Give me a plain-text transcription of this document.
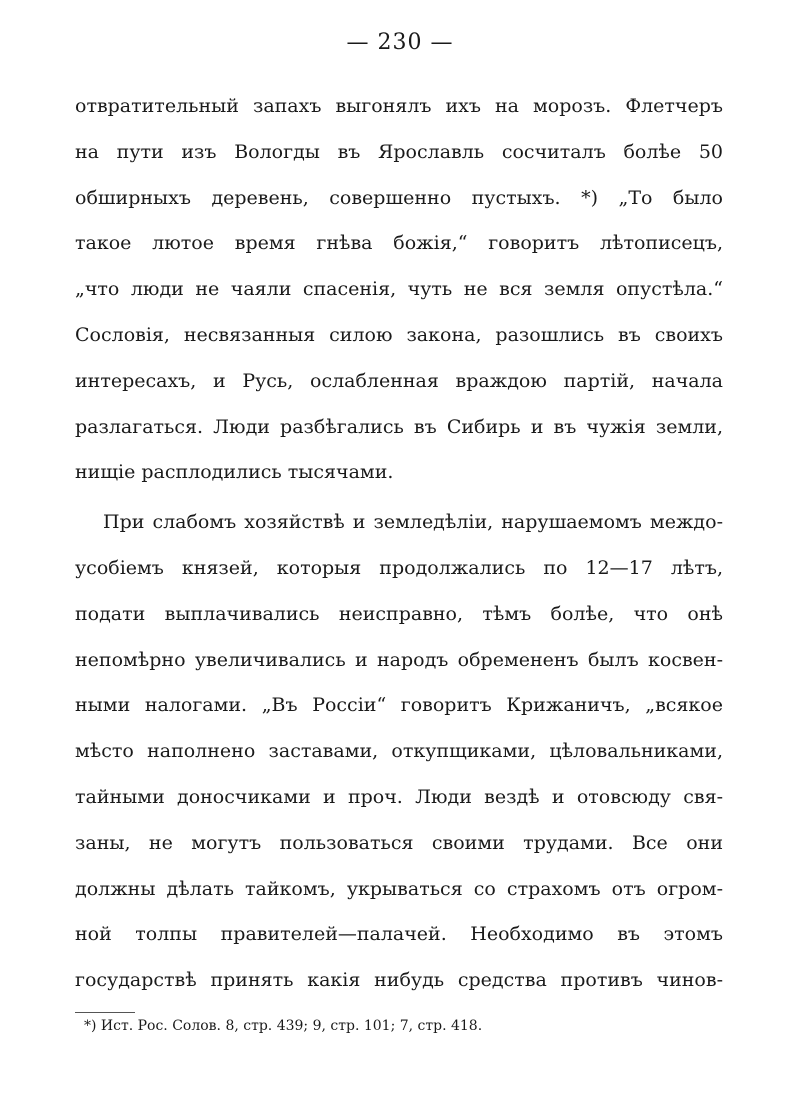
— 230 —
отвратительный запахъ выгонялъ ихъ на морозъ. Флетчеръ
на пути изъ Вологды въ Ярославль сосчиталъ болѣе 50
обширныхъ деревень, совершенно пустыхъ. *) „То было
такое лютое время гнѣва божiя,“ говоритъ лѣтописецъ,
„что люди не чаяли спасенiя, чуть не вся земля опустѣла.“
Сословiя, несвязанныя силою закона, разошлись въ своихъ
интересахъ, и Русь, ослабленная враждою партiй, начала
разлагаться. Люди разбѣгались въ Сибирь и въ чужiя земли,
нищiе расплодились тысячами.
При слабомъ хозяйствѣ и земледѣлiи, нарушаемомъ междо-
усобiемъ князей, которыя продолжались по 12—17 лѣтъ,
подати выплачивались неисправно, тѣмъ болѣе, что онѣ
непомѣрно увеличивались и народъ обремененъ былъ косвен-
ными налогами. „Въ Россiи“ говоритъ Крижаничъ, „всякое
мѣсто наполнено заставами, откупщиками, цѣловальниками,
тайными доносчиками и проч. Люди вездѣ и отовсюду свя-
заны, не могутъ пользоваться своими трудами. Все они
должны дѣлать тайкомъ, укрываться со страхомъ отъ огром-
ной толпы правителей—палачей. Необходимо въ этомъ
государствѣ принять какiя нибудь средства противъ чинов-
*) Ист. Рос. Солов. 8, стр. 439; 9, стр. 101; 7, стр. 418.
